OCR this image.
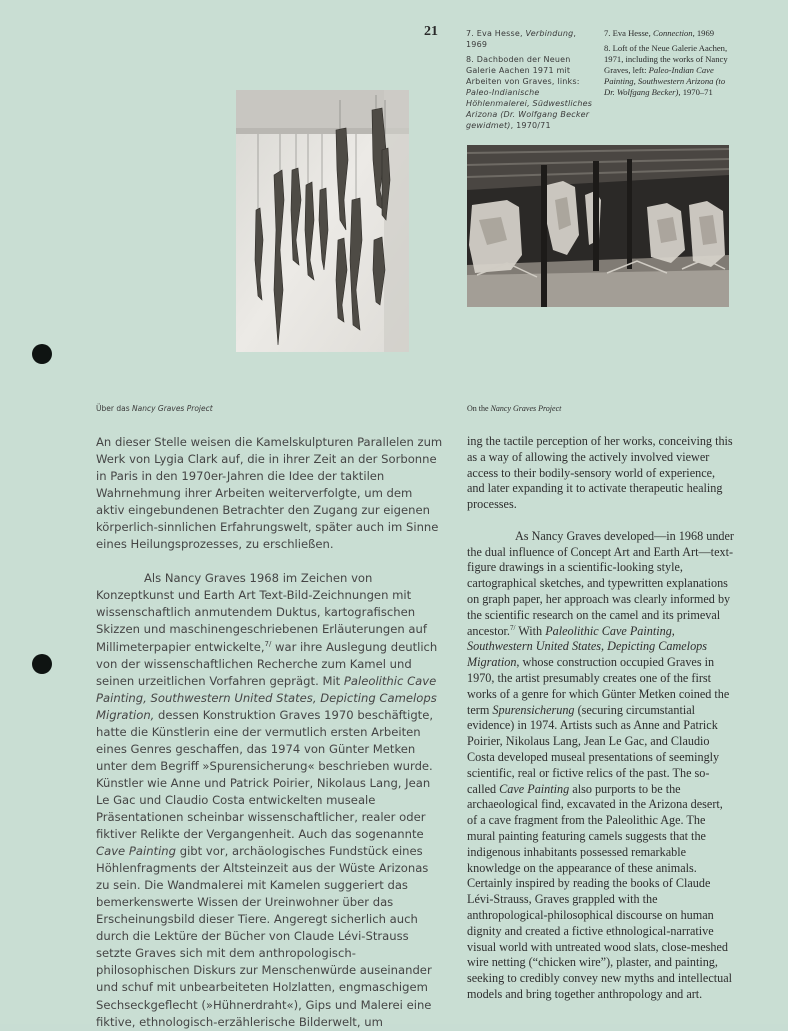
21	7. Eva Hesse, Verbindung, 1969

8. Dachboden der Neuen Galerie Aachen 1971 mit Arbeiten von Graves, links: Paleo-Indianische Höhlenmalerei, Südwestliches Arizona (Dr. Wolfgang Becker gewidmet), 1970/71

7. Eva Hesse, Connection, 1969

8. Loft of the Neue Galerie Aachen, 1971, including the works of Nancy Graves, left: Paleo-Indian Cave Painting, Southwestern Arizona (to Dr. Wolfgang Becker), 1970–71

Über das Nancy Graves Project	On the Nancy Graves Project

An dieser Stelle weisen die Kamelskulpturen Parallelen zum Werk von Lygia Clark auf, die in ihrer Zeit an der Sorbonne in Paris in den 1970er-Jahren die Idee der taktilen Wahrnehmung ihrer Arbeiten weiterverfolgte, um dem aktiv eingebundenen Betrachter den Zugang zur eigenen körperlich-sinnlichen Erfahrungswelt, später auch im Sinne eines Heilungsprozesses, zu erschließen.

Als Nancy Graves 1968 im Zeichen von Konzeptkunst und Earth Art Text-Bild-Zeichnungen mit wissenschaftlich anmutendem Duktus, kartografischen Skizzen und maschinengeschriebenen Erläuterungen auf Millimeterpapier entwickelte,$^{7/}$ war ihre Auslegung deutlich von der wissenschaftlichen Recherche zum Kamel und seinen urzeitlichen Vorfahren geprägt. Mit Paleolithic Cave Painting, Southwestern United States, Depicting Camelops Migration, dessen Konstruktion Graves 1970 beschäftigte, hatte die Künstlerin eine der vermutlich ersten Arbeiten eines Genres geschaffen, das 1974 von Günter Metken unter dem Begriff »Spurensicherung« beschrieben wurde. Künstler wie Anne und Patrick Poirier, Nikolaus Lang, Jean Le Gac und Claudio Costa entwickelten museale Präsentationen scheinbar wissenschaftlicher, realer oder fiktiver Relikte der Vergangenheit. Auch das sogenannte Cave Painting gibt vor, archäologisches Fundstück eines Höhlenfragments der Altsteinzeit aus der Wüste Arizonas zu sein. Die Wandmalerei mit Kamelen suggeriert das bemerkenswerte Wissen der Ureinwohner über das Erscheinungsbild dieser Tiere. Angeregt sicherlich auch durch die Lektüre der Bücher von Claude Lévi-Strauss setzte Graves sich mit dem anthropologisch-philosophischen Diskurs zur Menschenwürde auseinander und schuf mit unbearbeiteten Holzlatten, engmaschigem Sechseckgeflecht (»Hühnerdraht«), Gips und Malerei eine fiktive, ethnologisch-erzählerische Bilderwelt, um

ing the tactile perception of her works, conceiving this as a way of allowing the actively involved viewer access to their bodily-sensory world of experience, and later expanding it to activate therapeutic healing processes.

As Nancy Graves developed—in 1968 under the dual influence of Concept Art and Earth Art—text-figure drawings in a scientific-looking style, cartographical sketches, and typewritten explanations on graph paper, her approach was clearly informed by the scientific research on the camel and its primeval ancestor.$^{7/}$ With Paleolithic Cave Painting, Southwestern United States, Depicting Camelops Migration, whose construction occupied Graves in 1970, the artist presumably creates one of the first works of a genre for which Günter Metken coined the term Spurensicherung (securing circumstantial evidence) in 1974. Artists such as Anne and Patrick Poirier, Nikolaus Lang, Jean Le Gac, and Claudio Costa developed museal presentations of seemingly scientific, real or fictive relics of the past. The so-called Cave Painting also purports to be the archaeological find, excavated in the Arizona desert, of a cave fragment from the Paleolithic Age. The mural painting featuring camels suggests that the indigenous inhabitants possessed remarkable knowledge on the appearance of these animals. Certainly inspired by reading the books of Claude Lévi-Strauss, Graves grappled with the anthropological-philosophical discourse on human dignity and created a fictive ethnological-narrative visual world with untreated wood slats, close-meshed wire netting (“chicken wire”), plaster, and painting, seeking to credibly convey new myths and intellectual models and bring together anthropology and art.
